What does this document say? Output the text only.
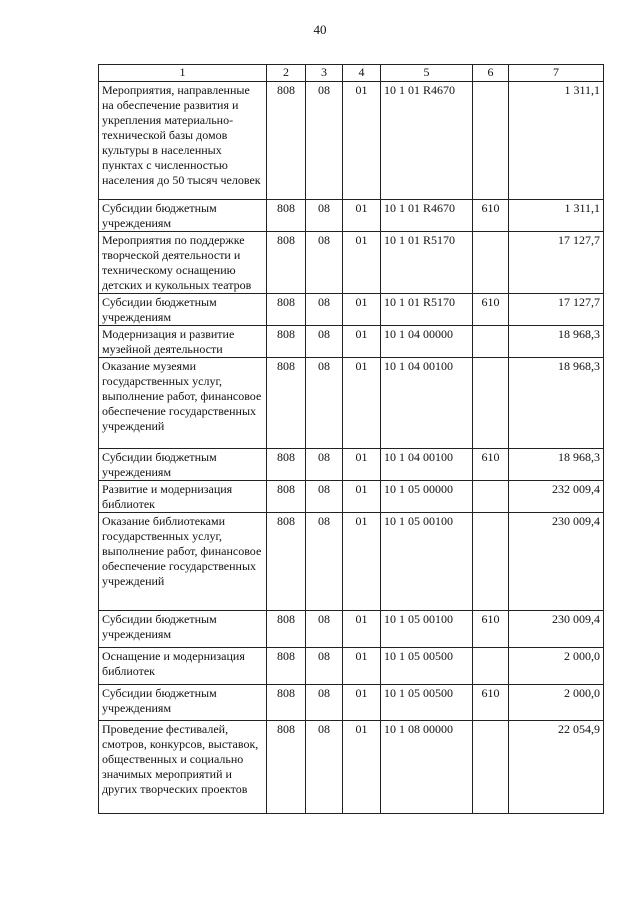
40
1	2	3	4	5	6	7
Мероприятия, направленные на обеспечение развития и укрепления материально-технической базы домов культуры в населенных пунктах с численностью населения до 50 тысяч человек	808	08	01	10 1 01 R4670		1 311,1
Субсидии бюджетным учреждениям	808	08	01	10 1 01 R4670	610	1 311,1
Мероприятия по поддержке творческой деятельности и техническому оснащению детских и кукольных театров	808	08	01	10 1 01 R5170		17 127,7
Субсидии бюджетным учреждениям	808	08	01	10 1 01 R5170	610	17 127,7
Модернизация и развитие музейной деятельности	808	08	01	10 1 04 00000		18 968,3
Оказание музеями государственных услуг, выполнение работ, финансовое обеспечение государственных учреждений	808	08	01	10 1 04 00100		18 968,3
Субсидии бюджетным учреждениям	808	08	01	10 1 04 00100	610	18 968,3
Развитие и модернизация библиотек	808	08	01	10 1 05 00000		232 009,4
Оказание библиотеками государственных услуг, выполнение работ, финансовое обеспечение государственных учреждений	808	08	01	10 1 05 00100		230 009,4
Субсидии бюджетным учреждениям	808	08	01	10 1 05 00100	610	230 009,4
Оснащение и модернизация библиотек	808	08	01	10 1 05 00500		2 000,0
Субсидии бюджетным учреждениям	808	08	01	10 1 05 00500	610	2 000,0
Проведение фестивалей, смотров, конкурсов, выставок, общественных и социально значимых мероприятий и других творческих проектов	808	08	01	10 1 08 00000		22 054,9
